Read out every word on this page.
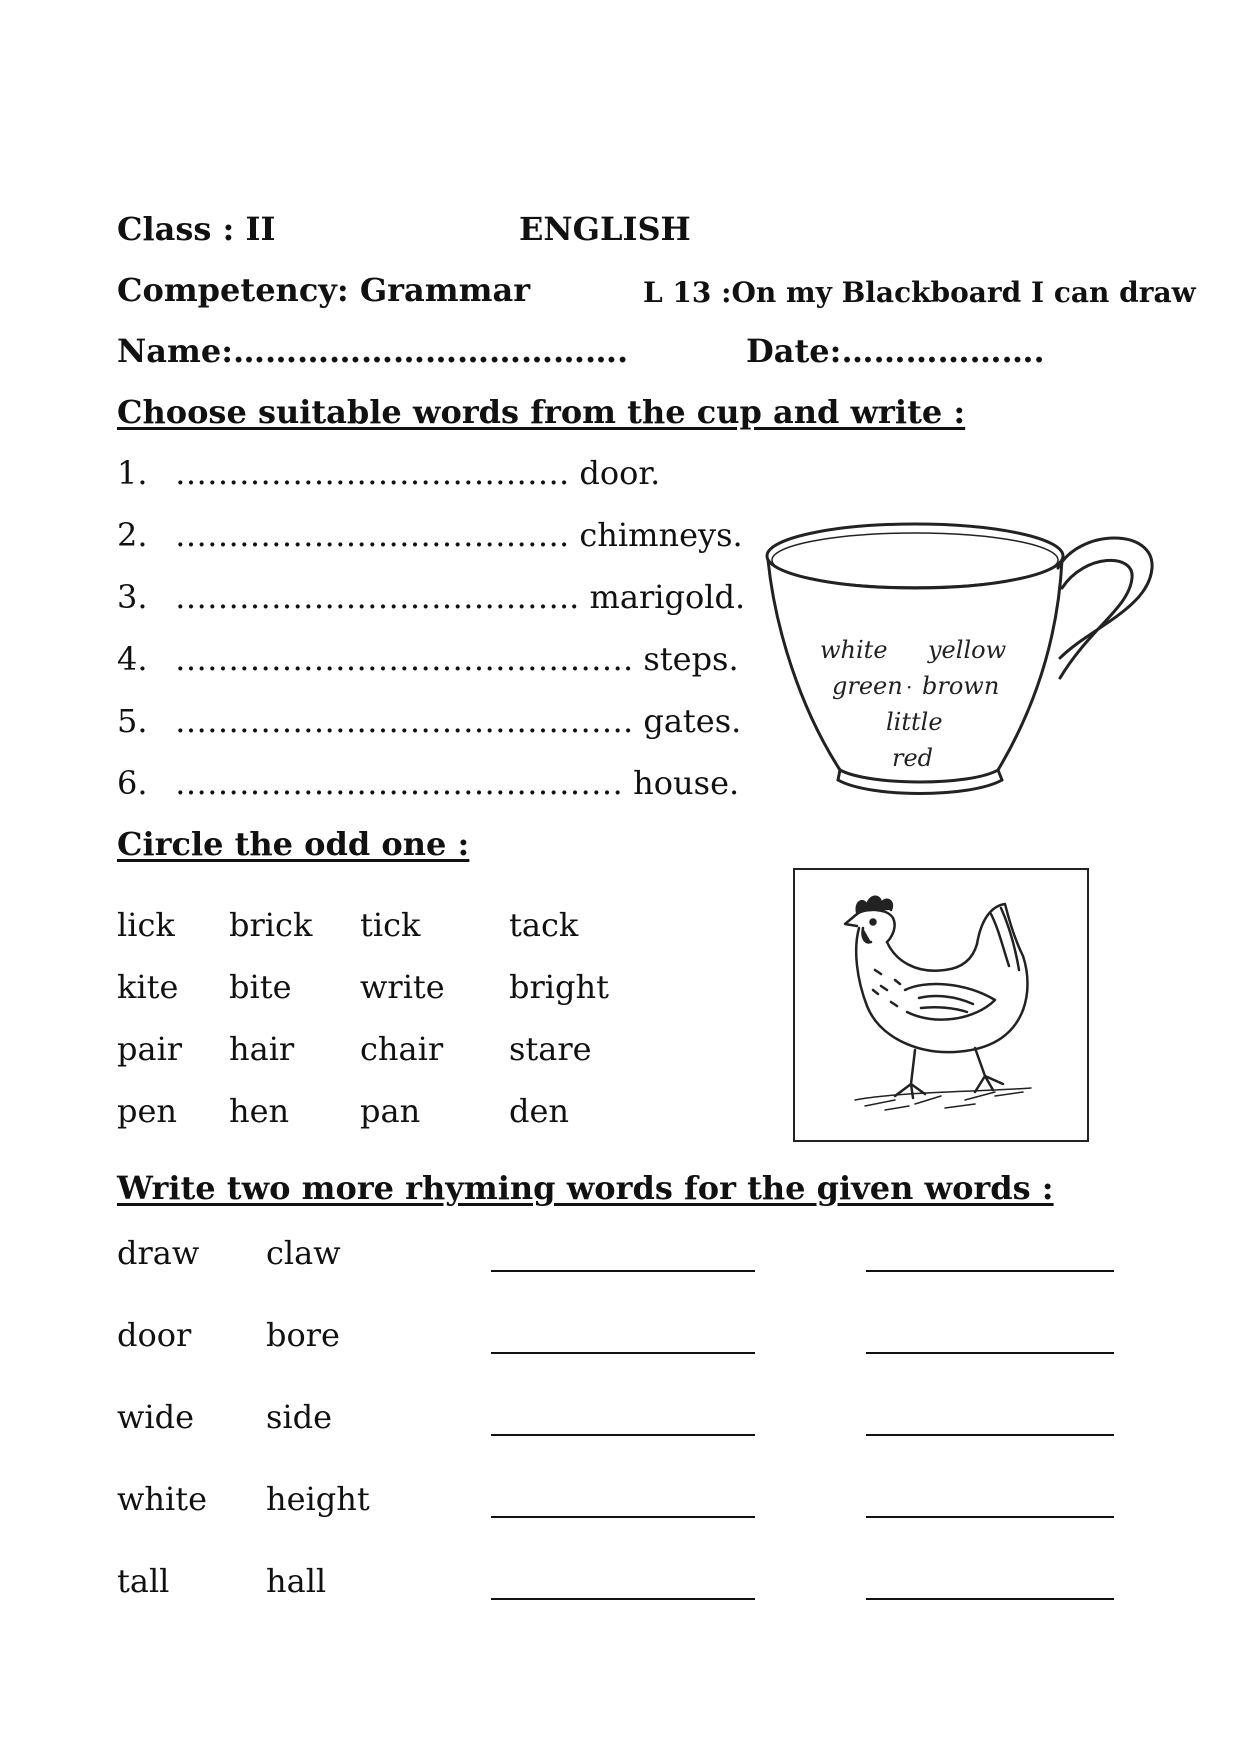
Class : II	ENGLISH
Competency: Grammar	L 13 :On my Blackboard I can draw
Name:……………………………….	Date:……………….
Choose suitable words from the cup and write :
1. ………………………………. door.
2. ………………………………. chimneys.
3. ……………………………….. marigold.
4. ……………………………………. steps.
5. ……………………………………. gates.
6. …………………………………… house.
white yellow
green brown
little
red
·
Circle the odd one :
lick brick tick	tack
kite bite write bright
pair hair chair stare
pen hen pan	den
Write two more rhyming words for the given words :
draw claw
door bore
wide side
white height
tall	hall
